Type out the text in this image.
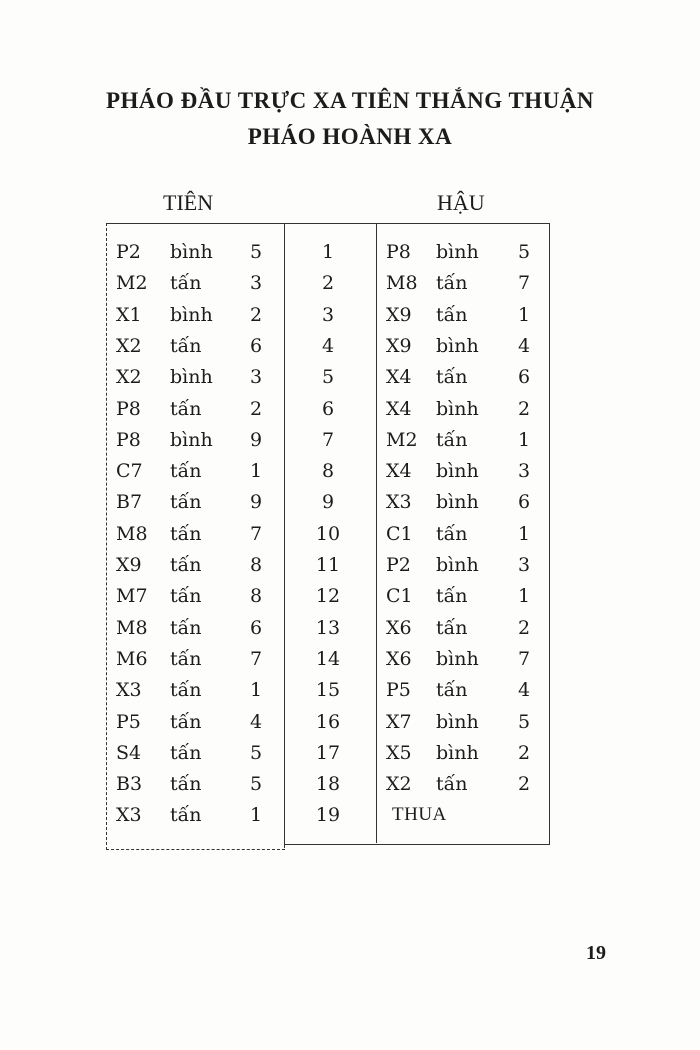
PHÁO ĐẦU TRỰC XA TIÊN THẮNG THUẬN
PHÁO HOÀNH XA
TIÊN	HẬU
P2 bình 5	1	P8 bình 5
M2 tấn	3	2	M8 tấn	7
X1 bình 2	3	X9 tấn	1
X2 tấn	6	4	X9 bình 4
X2 bình 3	5	X4 tấn	6
P8 tấn	2	6	X4 bình 2
P8 bình 9	7	M2 tấn	1
C7 tấn	1	8	X4 bình 3
B7 tấn	9	9	X3 bình 6
M8 tấn	7	10	C1 tấn	1
X9 tấn	8	11	P2 bình 3
M7 tấn	8	12	C1 tấn	1
M8 tấn	6	13	X6 tấn	2
M6 tấn	7	14	X6 bình 7
X3 tấn	1	15	P5 tấn	4
P5 tấn	4	16	X7 bình 5
S4 tấn	5	17	X5 bình 2
B3 tấn	5	18	X2 tấn	2
X3 tấn	1	19	THUA
19
